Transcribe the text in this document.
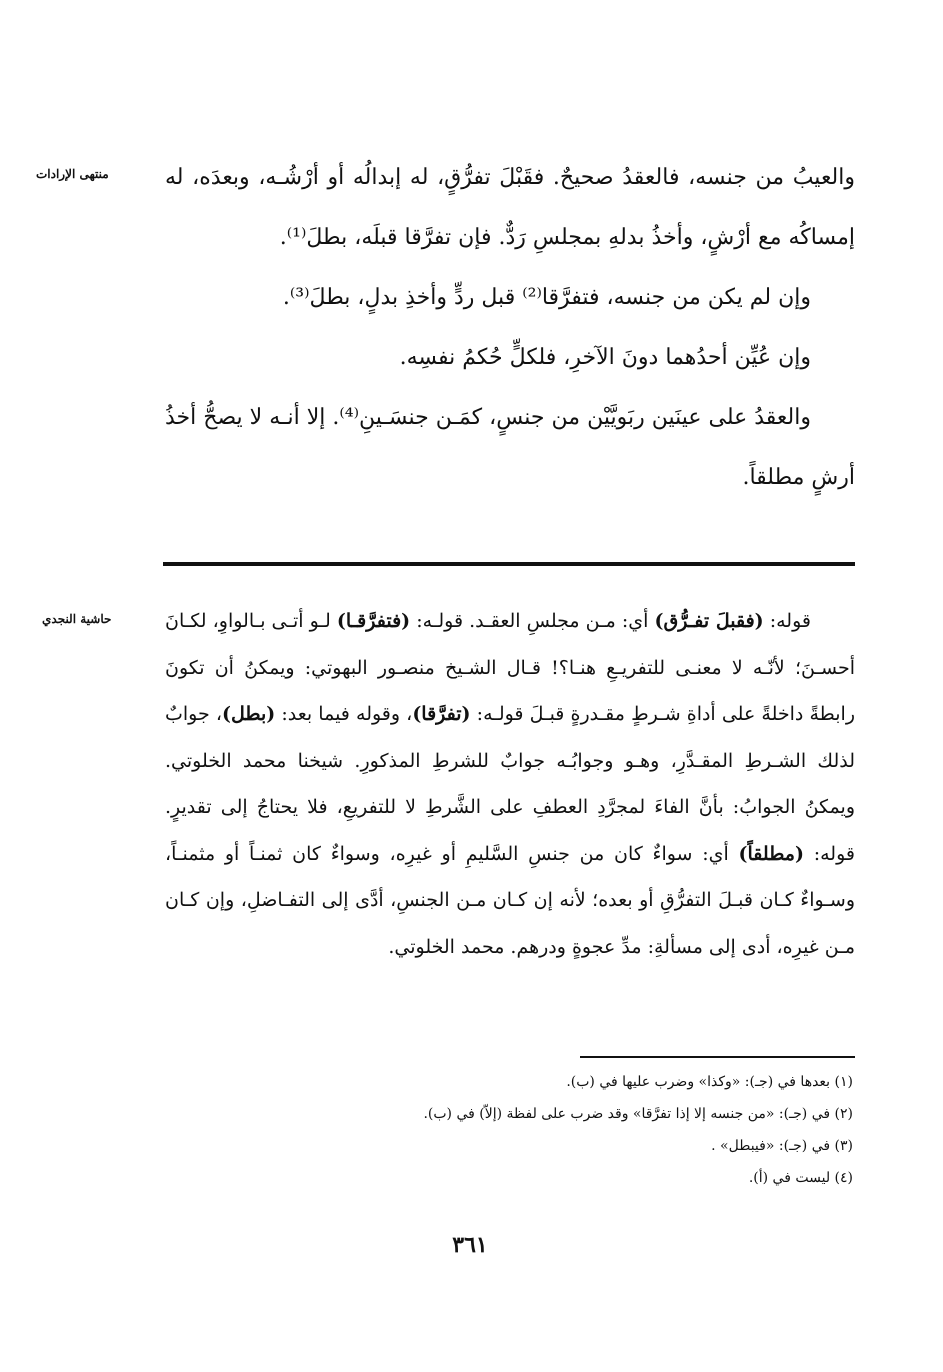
منتهى الإرادات
حاشية النجدي

والعيبُ من جنسه، فالعقدُ صحيحٌ. فقَبْلَ تفرُّقٍ، له إبدالُه أو أرْشُـه، وبعدَه، له إمساكُه مع أرْشٍ، وأخذُ بدلهِ بمجلسِ رَدٌّ. فإن تفرَّقا قبلَه، بطلَ⁽¹⁾.

وإن لم يكن من جنسه، فتفرَّقا⁽²⁾ قبل ردٍّ وأخذِ بدلٍ، بطلَ⁽³⁾.

وإن عُيِّن أحدُهما دونَ الآخرِ، فلكلٍّ حُكمُ نفسِه.

والعقدُ على عينَين ربَويَّيْن من جنسٍ، كمَـن جنسَـينِ⁽⁴⁾. إلا أنـه لا يصحُّ أخذُ أرشٍ مطلقاً.

قوله: (فقبلَ تفـرُّق) أي: مـن مجلسِ العقـد. قولـه: (فتفرَّقـا) لـو أتـى بـالواوِ، لكـانَ أحسـنَ؛ لأنّـه لا معنـى للتفريـعِ هنـا؟! قـال الشـيخ منصـور البهوتي: ويمكنُ أن تكونَ رابطةً داخلةً على أداةِ شـرطٍ مقـدرةٍ قبـلَ قولـه: (تفرَّقا)، وقوله فيما بعد: (بطل)، جوابٌ لذلك الشـرطِ المقـدَّرِ، وهـو وجوابُـه جوابٌ للشرطِ المذكورِ. شيخنا محمد الخلوتي. ويمكنُ الجوابُ: بأنَّ الفاءَ لمجرَّدِ العطفِ على الشَّرطِ لا للتفريعِ، فلا يحتاجُ إلى تقديرٍ. قوله: (مطلقاً) أي: سواءٌ كان من جنسِ السَّليمِ أو غيرِه، وسواءٌ كان ثمنـاً أو مثمنـاً، وسـواءٌ كـان قبـلَ التفرُّقِ أو بعده؛ لأنه إن كـان مـن الجنسِ، أدَّى إلى التفـاضلِ، وإن كـان مـن غيرِه، أدى إلى مسألةِ: مدِّ عجوةٍ ودرهم. محمد الخلوتي.

(١) بعدها في (جـ): «وكذا» وضرب عليها في (ب).
(٢) في (جـ): «من جنسه إلا إذا تفرَّقا» وقد ضرب على لفظة (إلاّ) في (ب).
(٣) في (جـ): «فيبطل» .
(٤) ليست في (أ).
٣٦١
